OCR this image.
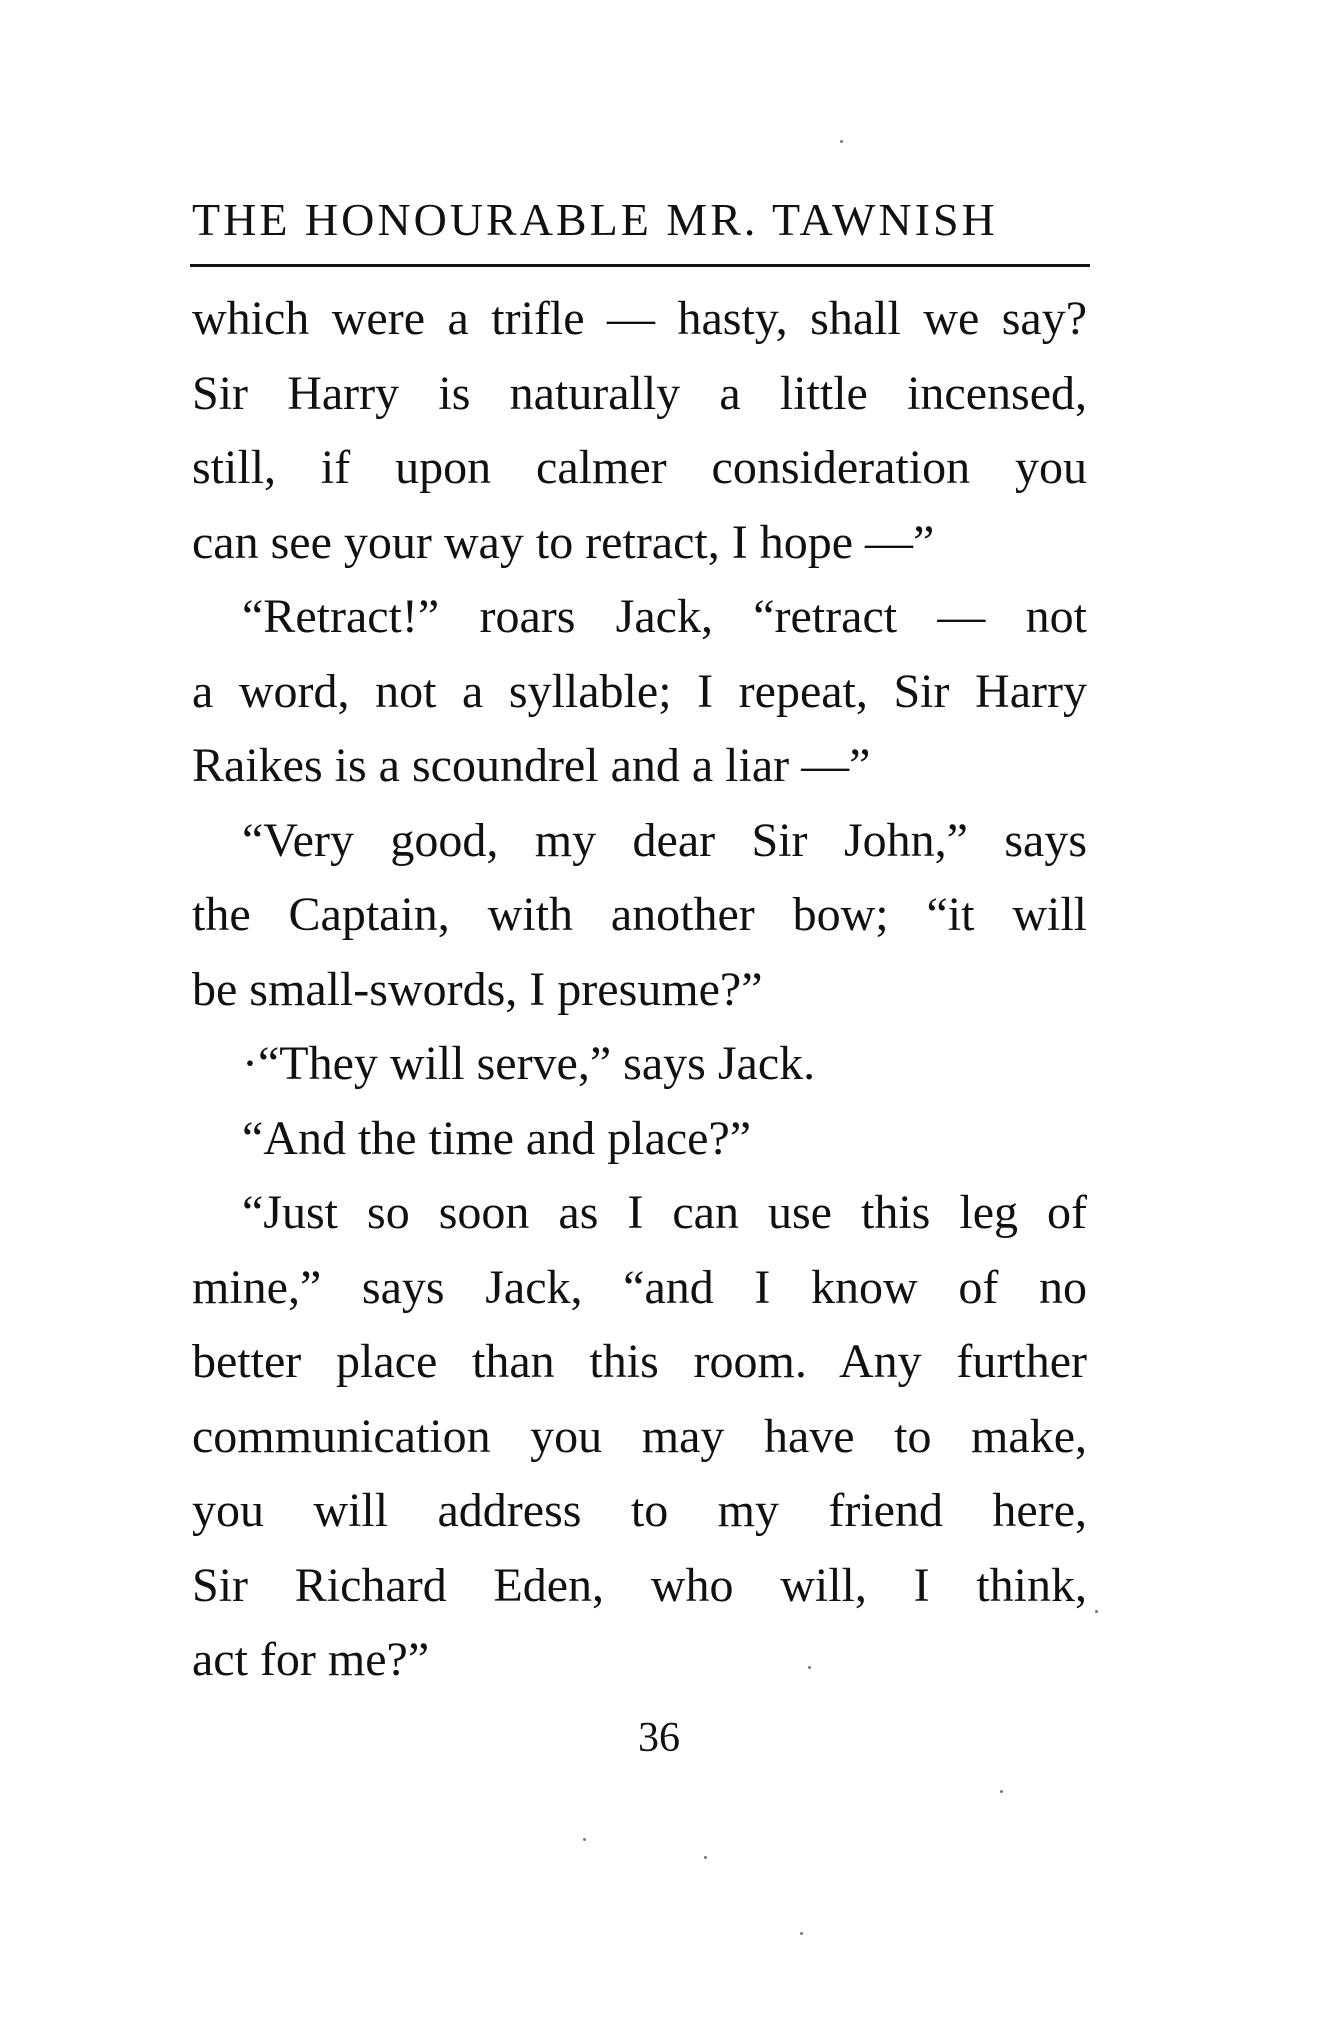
THE HONOURABLE MR. TAWNISH
which were a trifle — hasty, shall we say?
Sir Harry is naturally a little incensed,
still, if upon calmer consideration you
can see your way to retract, I hope —”
“Retract!” roars Jack, “retract — not
a word, not a syllable; I repeat, Sir Harry
Raikes is a scoundrel and a liar —”
“Very good, my dear Sir John,” says
the Captain, with another bow; “it will
be small-swords, I presume?”
·“They will serve,” says Jack.
“And the time and place?”
“Just so soon as I can use this leg of
mine,” says Jack, “and I know of no
better place than this room. Any further
communication you may have to make,
you will address to my friend here,
Sir Richard Eden, who will, I think,
act for me?”
36
